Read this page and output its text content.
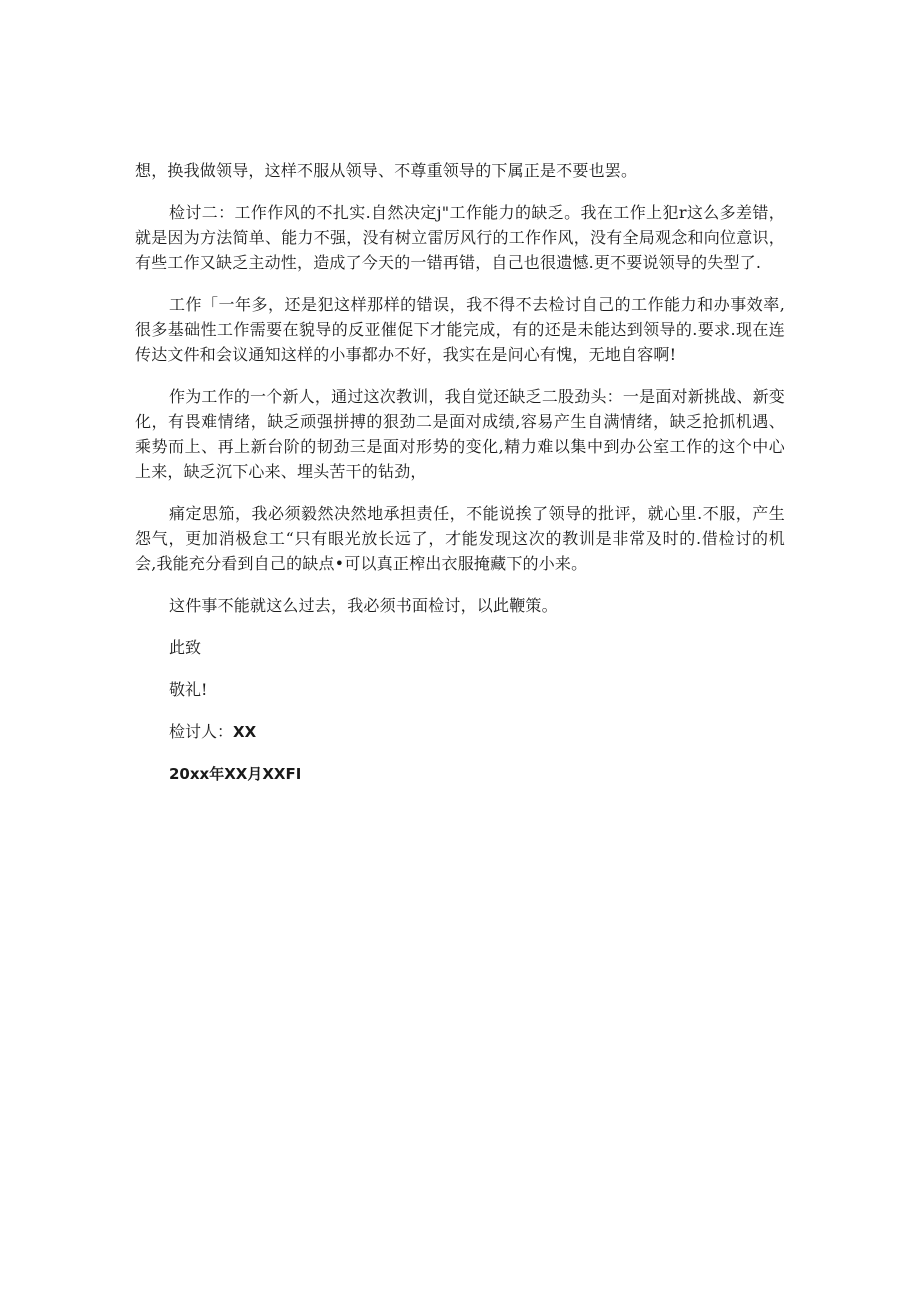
想，换我做领导，这样不服从领导、不尊重领导的下属正是不要也罢。

检讨二：工作作风的不扎实.自然决定j"工作能力的缺乏。我在工作上犯r这么多差错，就是因为方法简单、能力不强，没有树立雷厉风行的工作作风，没有全局观念和向位意识，有些工作又缺乏主动性，造成了今天的一错再错，自己也很遗憾.更不要说领导的失型了.

工作「一年多，还是犯这样那样的错误，我不得不去检讨自己的工作能力和办事效率,很多基础性工作需要在貌导的反亚催促下才能完成，有的还是未能达到领导的.要求.现在连传达文件和会议通知这样的小事都办不好，我实在是问心有愧，无地自容啊!

作为工作的一个新人，通过这次教训，我自觉还缺乏二股劲头：一是面对新挑战、新变化，有畏难情绪，缺乏顽强拼搏的狠劲二是面对成绩,容易产生自满情绪，缺乏抢抓机遇、乘势而上、再上新台阶的韧劲三是面对形势的变化,精力难以集中到办公室工作的这个中心上来，缺乏沉下心来、埋头苦干的钻劲，

痛定思笳，我必须毅然决然地承担责任，不能说挨了领导的批评，就心里.不服，产生怨气，更加消极怠工“只有眼光放长远了，才能发现这次的教训是非常及时的.借检讨的机会,我能充分看到自己的缺点•可以真正榨出衣服掩藏下的小来。

这件事不能就这么过去，我必须书面检讨，以此鞭策。

此致
敬礼!
检讨人：XX
20xx年XX月XXFI
